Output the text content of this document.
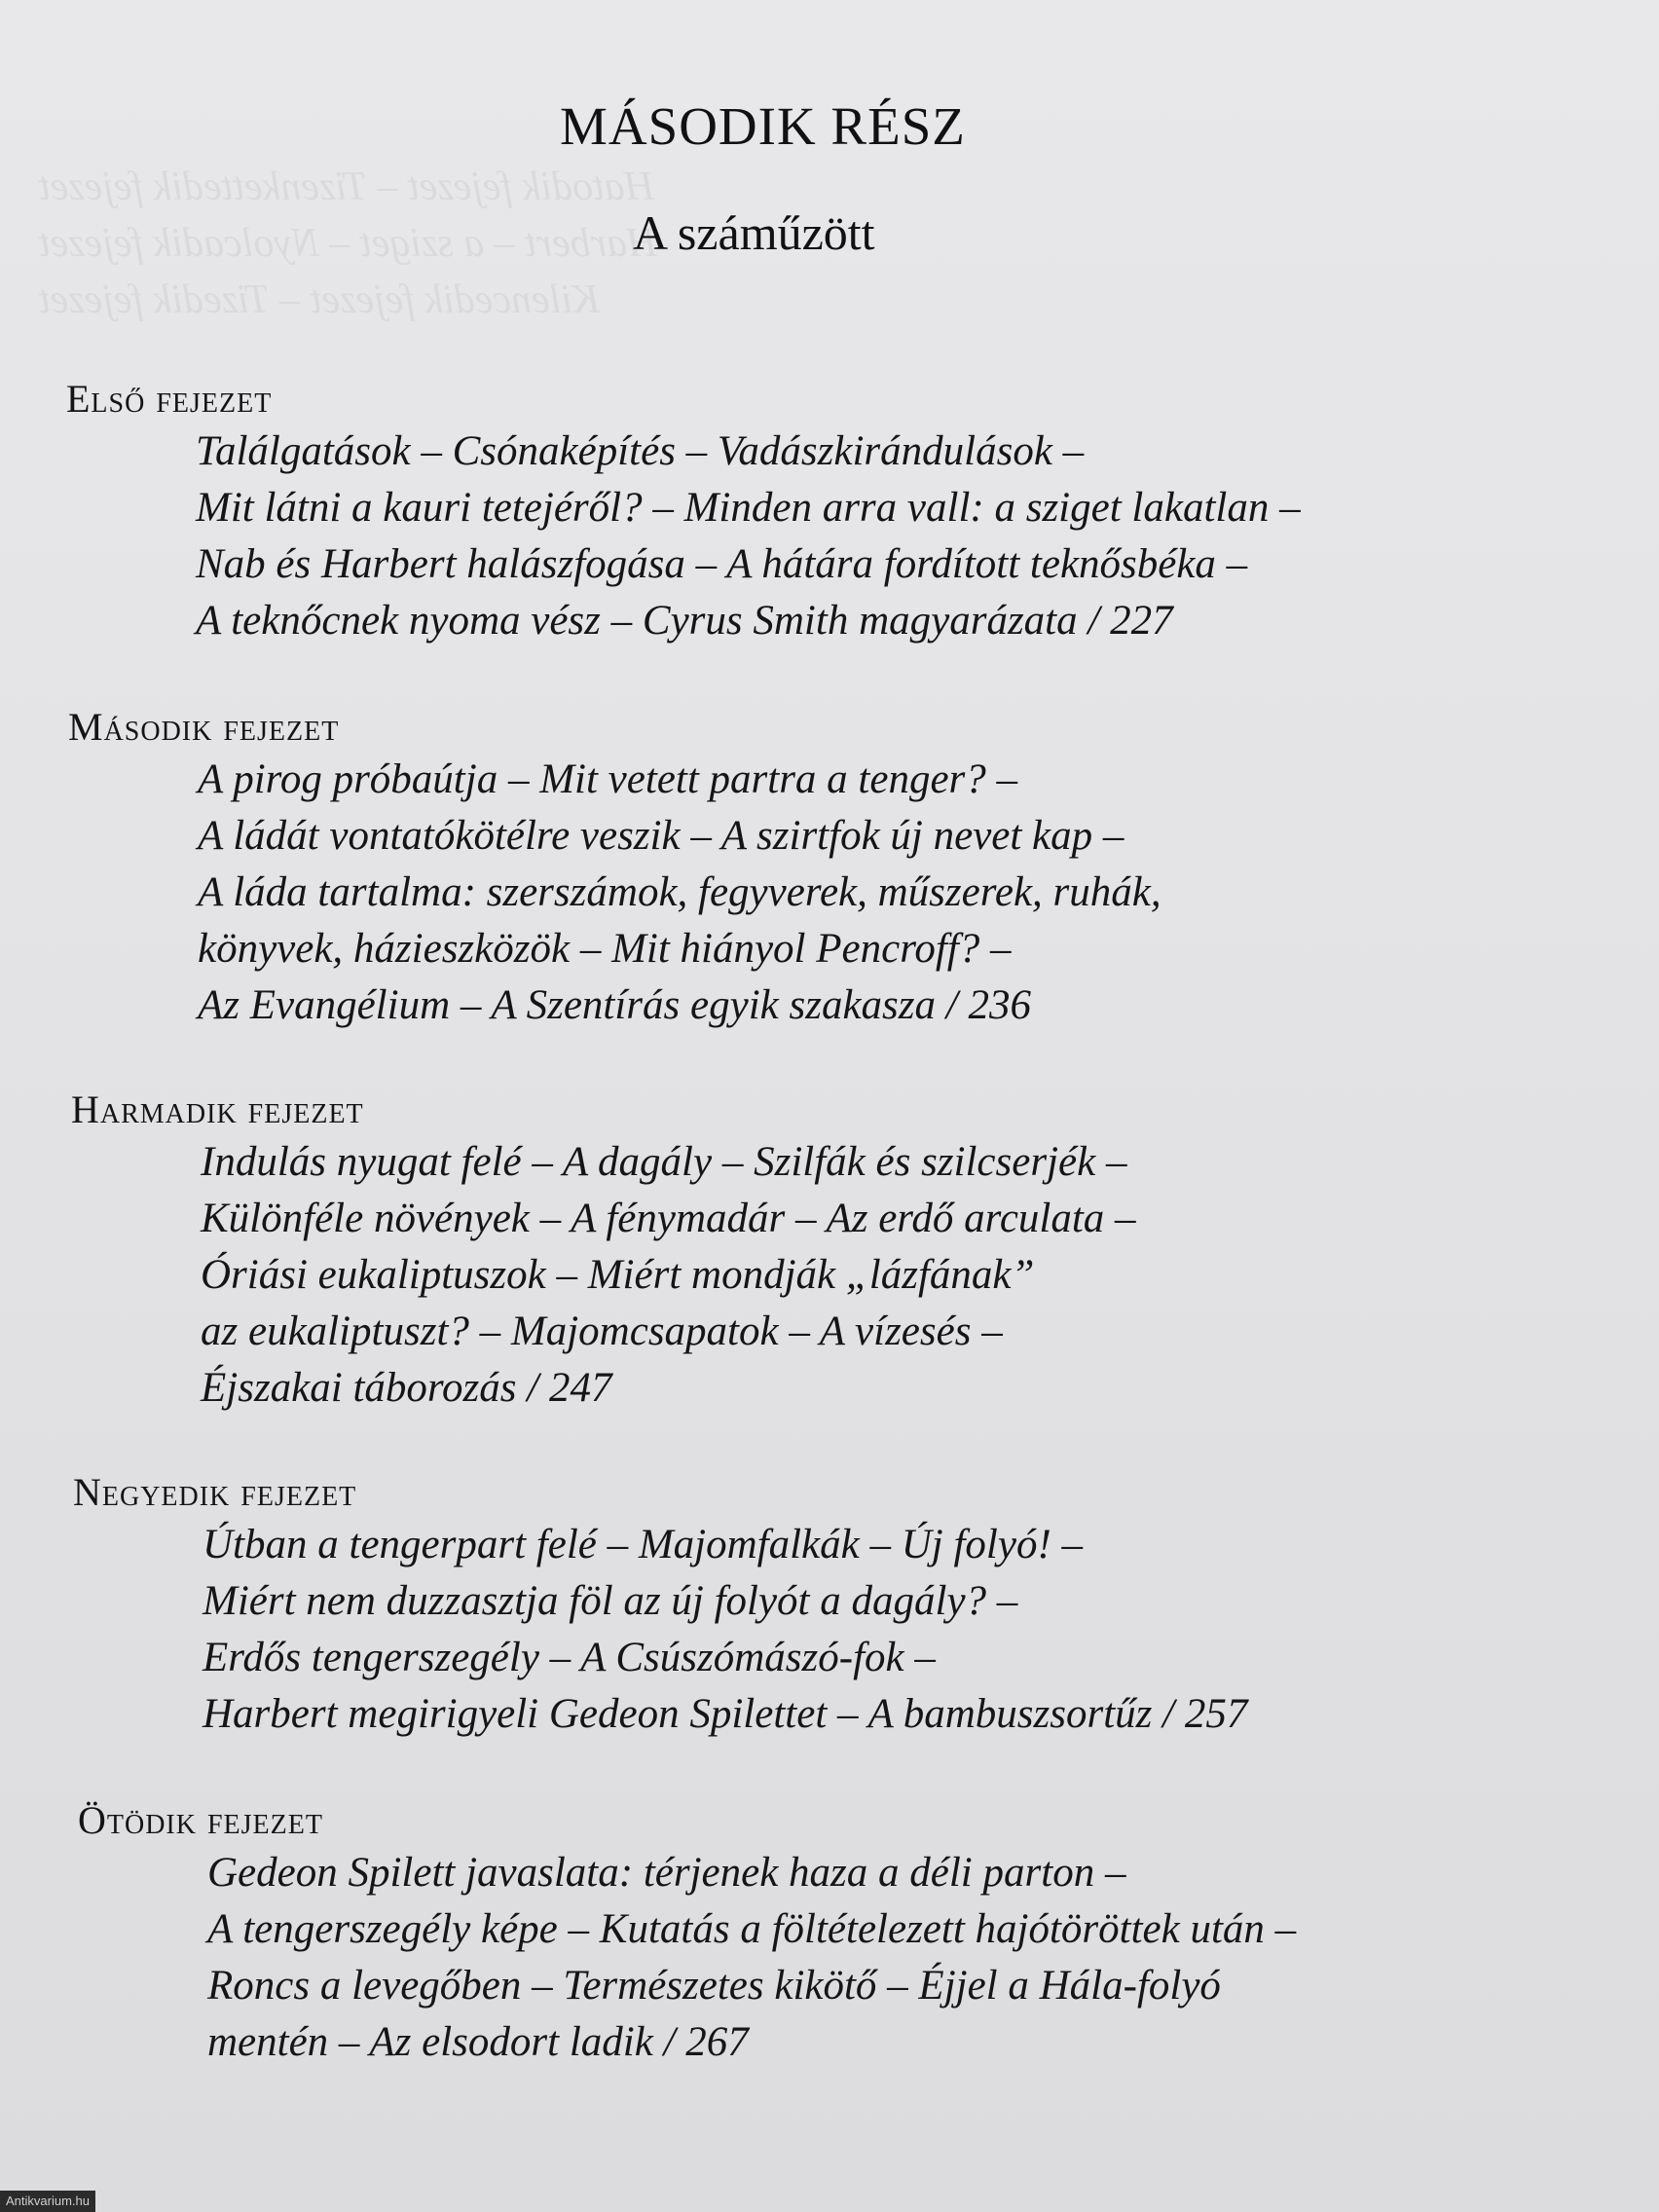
Hatodik fejezet – Tizenkettedik fejezet
Harbert – a sziget – Nyolcadik fejezet
Kilencedik fejezet – Tizedik fejezet

MÁSODIK RÉSZ
A száműzött
Első fejezet
Találgatások – Csónaképítés – Vadászkirándulások –
Mit látni a kauri tetejéről? – Minden arra vall: a sziget lakatlan –
Nab és Harbert halászfogása – A hátára fordított teknősbéka –
A teknőcnek nyoma vész – Cyrus Smith magyarázata / 227
Második fejezet
A pirog próbaútja – Mit vetett partra a tenger? –
A ládát vontatókötélre veszik – A szirtfok új nevet kap –
A láda tartalma: szerszámok, fegyverek, műszerek, ruhák,
könyvek, házieszközök – Mit hiányol Pencroff? –
Az Evangélium – A Szentírás egyik szakasza / 236
Harmadik fejezet
Indulás nyugat felé – A dagály – Szilfák és szilcserjék –
Különféle növények – A fénymadár – Az erdő arculata –
Óriási eukaliptuszok – Miért mondják „lázfának”
az eukaliptuszt? – Majomcsapatok – A vízesés –
Éjszakai táborozás / 247
Negyedik fejezet
Útban a tengerpart felé – Majomfalkák – Új folyó! –
Miért nem duzzasztja föl az új folyót a dagály? –
Erdős tengerszegély – A Csúszómászó-fok –
Harbert megirigyeli Gedeon Spilettet – A bambuszsortűz / 257
Ötödik fejezet
Gedeon Spilett javaslata: térjenek haza a déli parton –
A tengerszegély képe – Kutatás a föltételezett hajótöröttek után –
Roncs a levegőben – Természetes kikötő – Éjjel a Hála-folyó
mentén – Az elsodort ladik / 267
Antikvarium.hu
